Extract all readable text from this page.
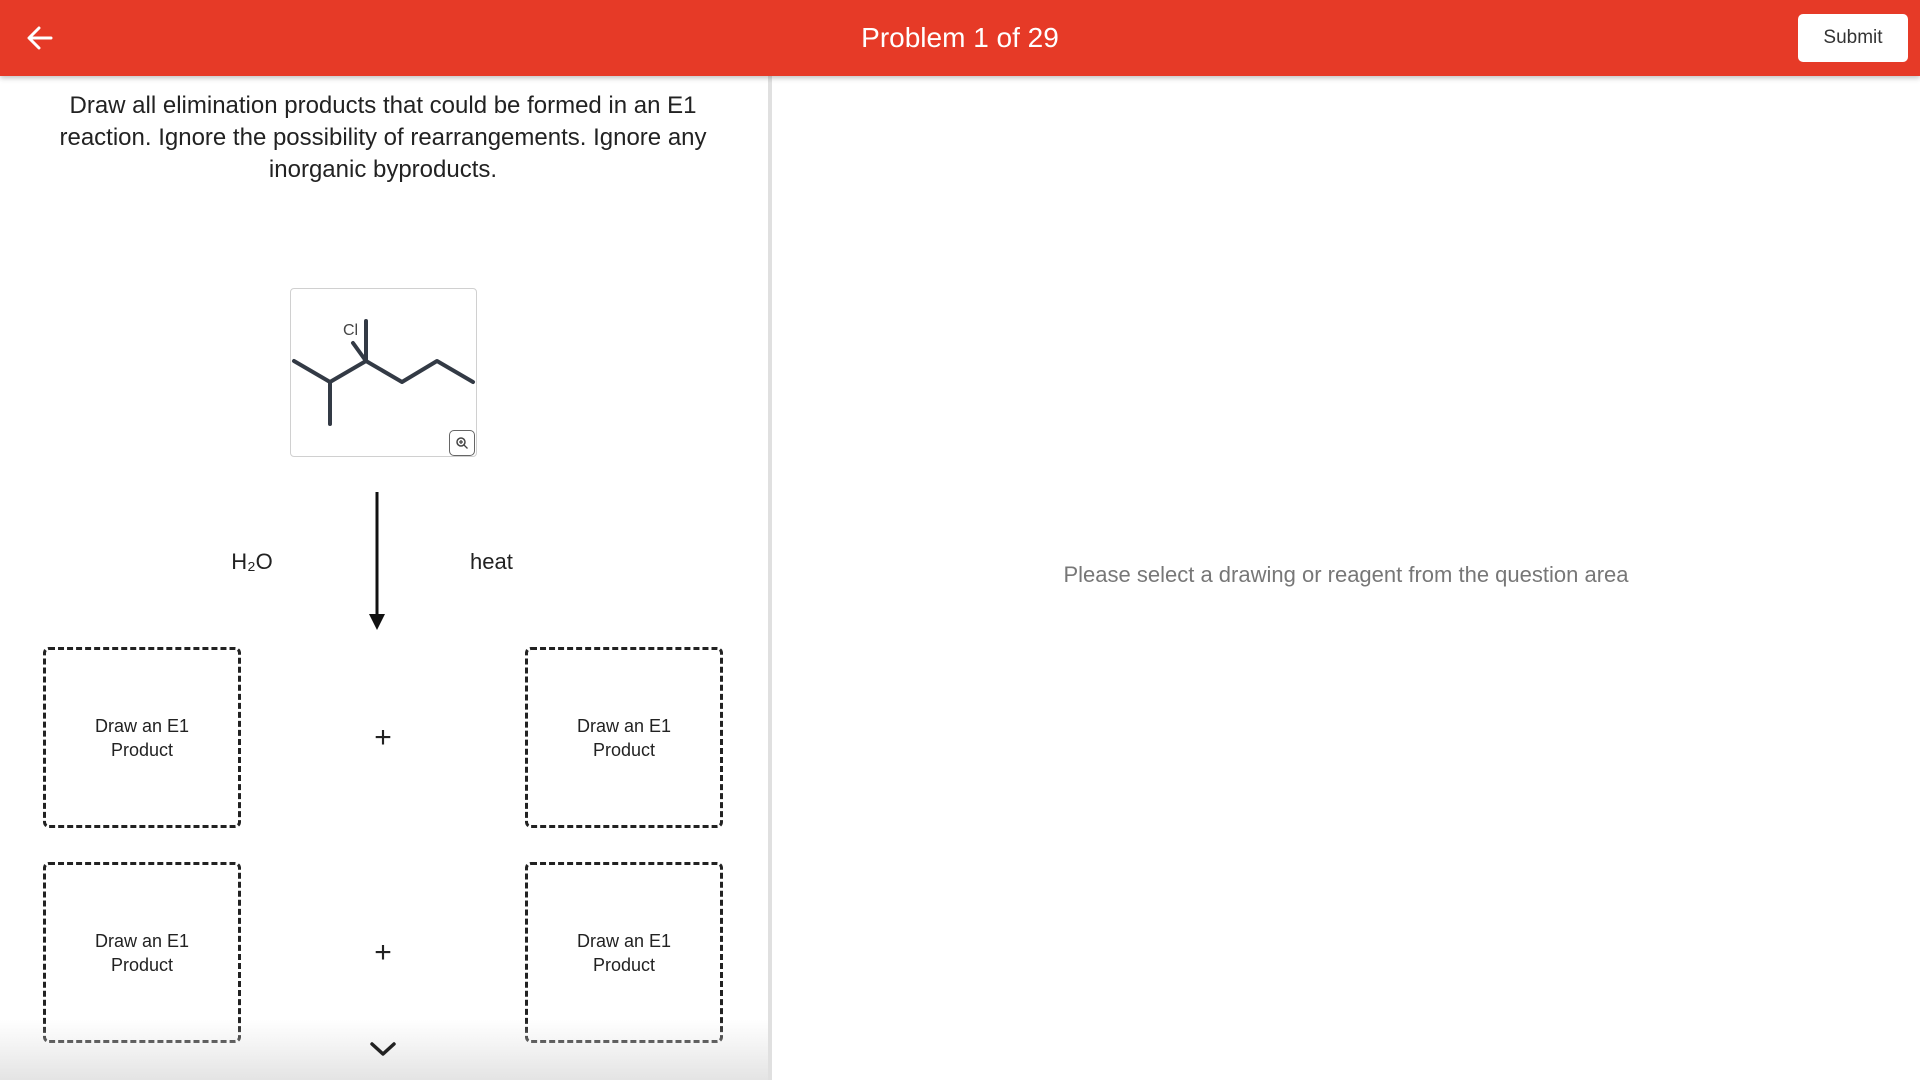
Problem 1 of 29	Submit
Draw all elimination products that could be formed in an E1 reaction. Ignore the possibility of rearrangements. Ignore any inorganic byproducts.
Cl
H₂O	heat
Draw an E1 Product	+	Draw an E1 Product
Draw an E1 Product	+	Draw an E1 Product
Please select a drawing or reagent from the question area
